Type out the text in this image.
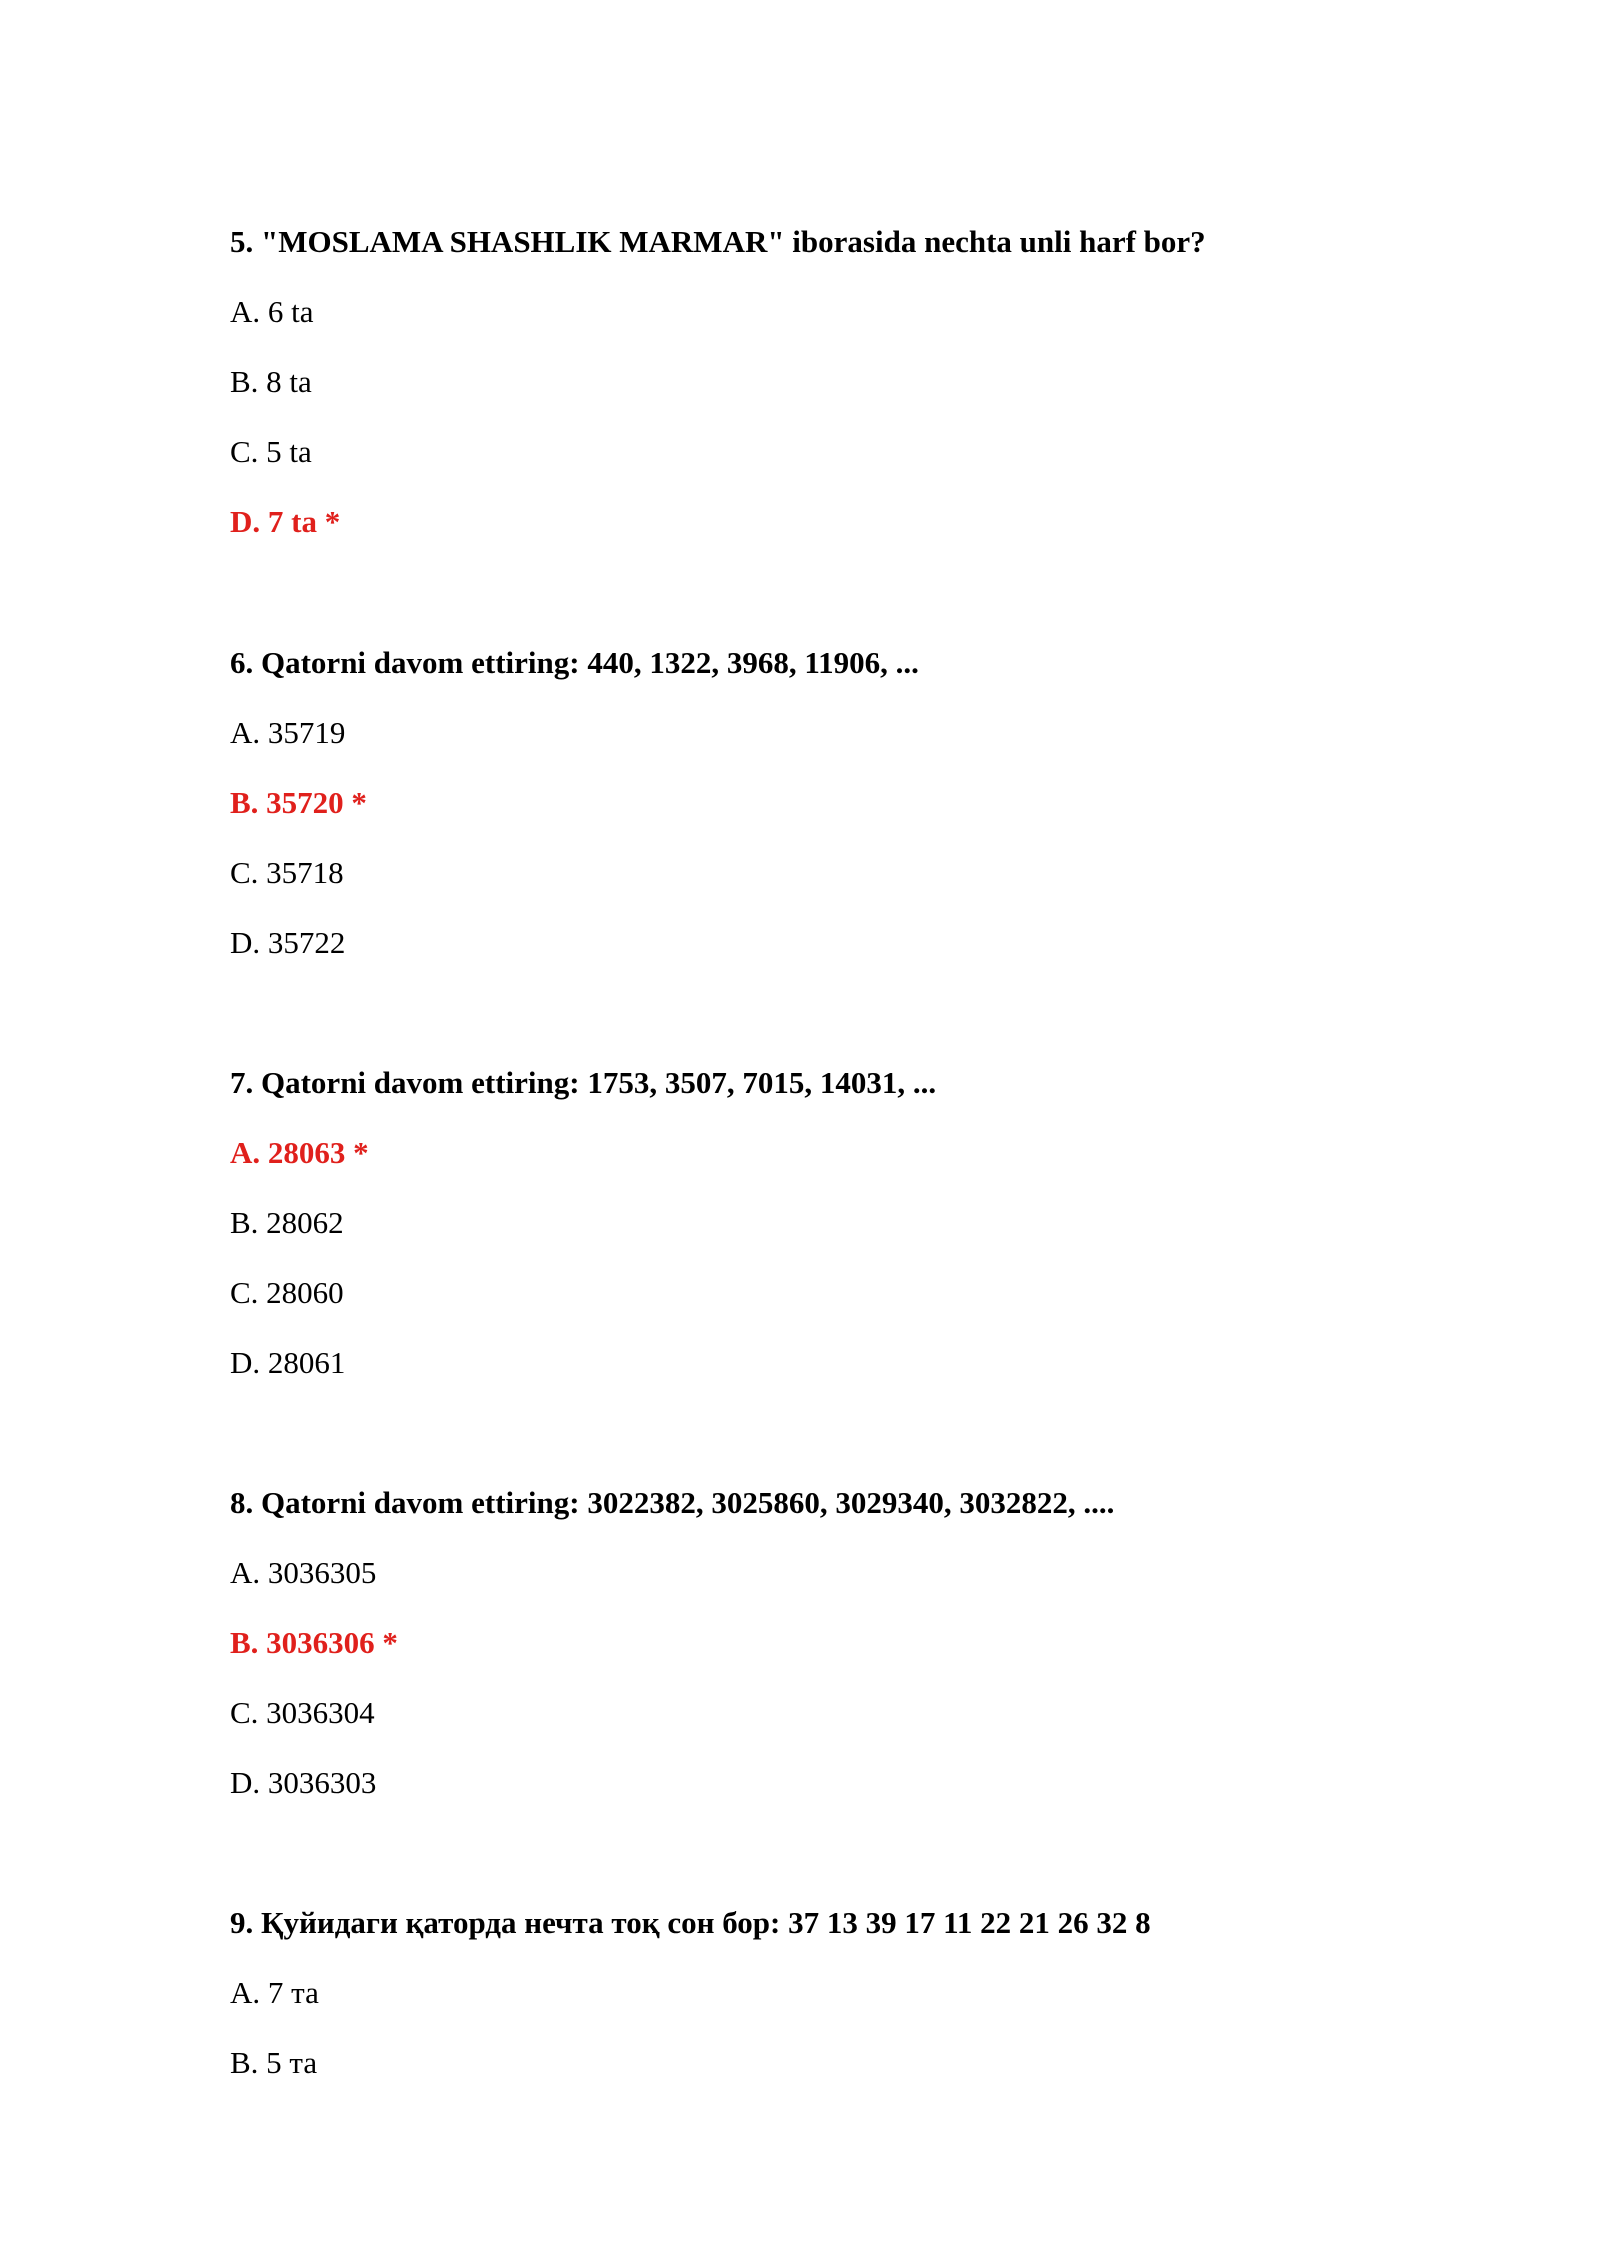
5. "MOSLAMA SHASHLIK MARMAR" iborasida nechta unli harf bor?

A. 6 ta

B. 8 ta

C. 5 ta

D. 7 ta *

6. Qatorni davom ettiring: 440, 1322, 3968, 11906, ...

A. 35719

B. 35720 *

C. 35718

D. 35722

7. Qatorni davom ettiring: 1753, 3507, 7015, 14031, ...

A. 28063 *

B. 28062

C. 28060

D. 28061

8. Qatorni davom ettiring: 3022382, 3025860, 3029340, 3032822, ....

A. 3036305

B. 3036306 *

C. 3036304

D. 3036303

9. Қуйидаги қаторда нечта тоқ сон бор: 37 13 39 17 11 22 21 26 32 8

A. 7 та

B. 5 та
